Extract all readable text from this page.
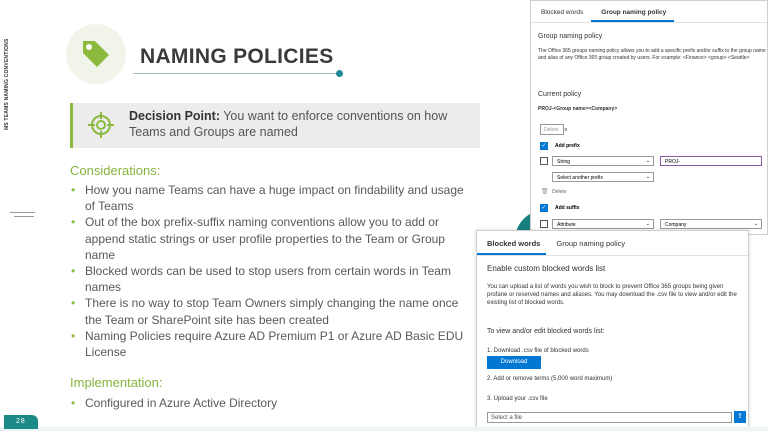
MS TEAMS NAMING CONVENTIONS	NAMING POLICIES
Decision Point: You want to enforce conventions on how Teams and Groups are named
Considerations:
• How you name Teams can have a huge impact on findability and usage of Teams
• Out of the box prefix-suffix naming conventions allow you to add or append static strings or user profile properties to the Team or Group name
• Blocked words can be used to stop users from certain words in Team names
• There is no way to stop Team Owners simply changing the name once the Team or SharePoint site has been created
• Naming Policies require Azure AD Premium P1 or Azure AD Basic EDU License
Implementation:
• Configured in Azure Active Directory
Blocked words	Group naming policy
Group naming policy
The Office 365 groups naming policy allows you to add a specific prefix and/or suffix to the group name and alias of any Office 365 group created by users. For example: <Finance> <group> <Seattle>
Current policy
PROJ-<Group name><Company>
Delete o
✓ Add prefix
String	⌄	PROJ-
Select another prefix	⌄
🗑 Delete
✓ Add suffix
Attribute	⌄	Company	⌄
Blocked words	Group naming policy
Enable custom blocked words list
You can upload a list of words you wish to block to prevent Office 365 groups being given profane or reserved names and aliases. You may download the .csv file to view and/or edit the existing list of blocked words.
To view and/or edit blocked words list:
1. Download .csv file of blocked words
Download
2. Add or remove terms (5,000 word maximum)
3. Upload your .csv file
Select a file	⇪
28
